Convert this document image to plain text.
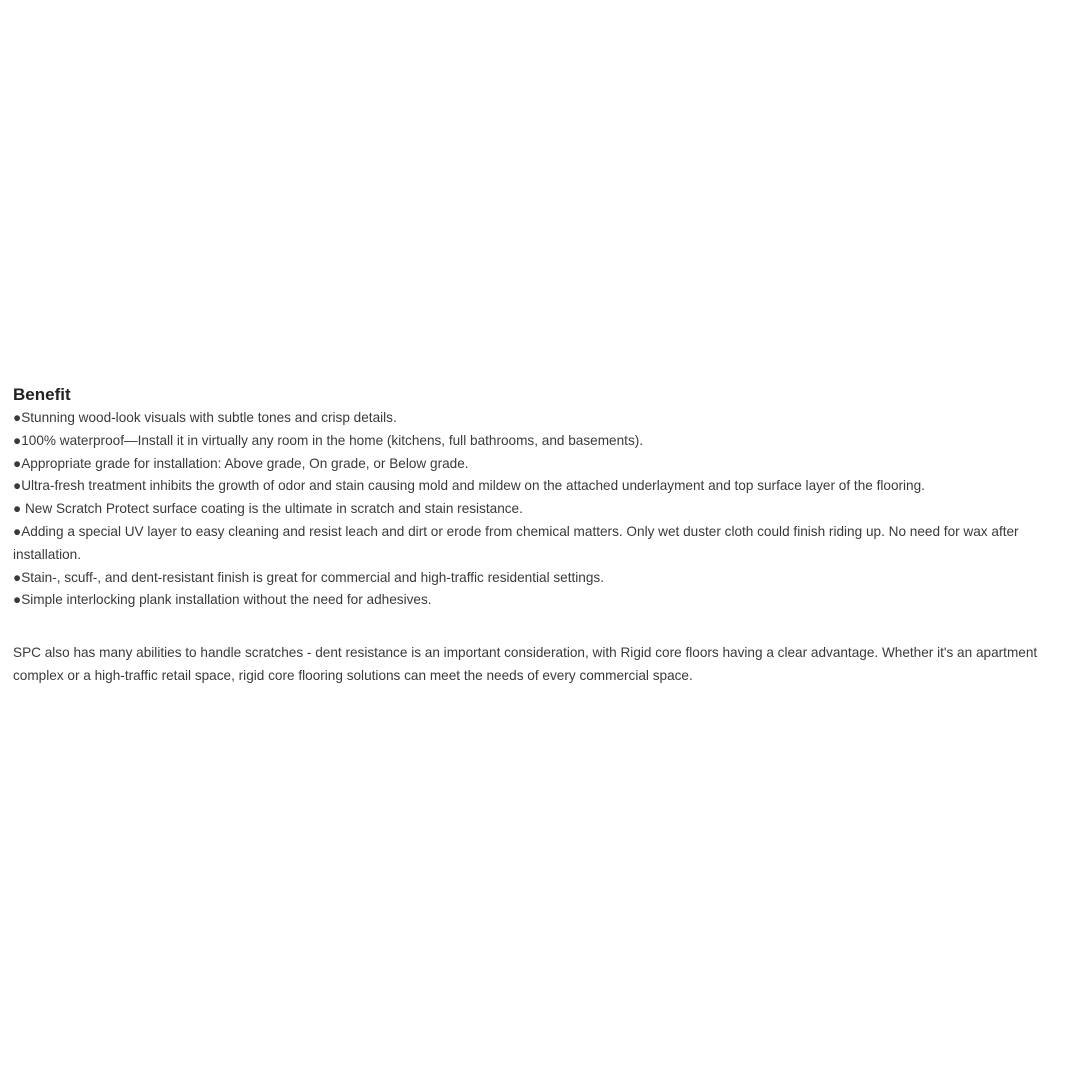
Benefit
●Stunning wood-look visuals with subtle tones and crisp details.
●100% waterproof—Install it in virtually any room in the home (kitchens, full bathrooms, and basements).
●Appropriate grade for installation: Above grade, On grade, or Below grade.
●Ultra-fresh treatment inhibits the growth of odor and stain causing mold and mildew on the attached underlayment and top surface layer of the flooring.
● New Scratch Protect surface coating is the ultimate in scratch and stain resistance.
●Adding a special UV layer to easy cleaning and resist leach and dirt or erode from chemical matters. Only wet duster cloth could finish riding up. No need for wax after installation.
●Stain-, scuff-, and dent-resistant finish is great for commercial and high-traffic residential settings.
●Simple interlocking plank installation without the need for adhesives.

SPC also has many abilities to handle scratches - dent resistance is an important consideration, with Rigid core floors having a clear advantage. Whether it's an apartment complex or a high-traffic retail space, rigid core flooring solutions can meet the needs of every commercial space.
